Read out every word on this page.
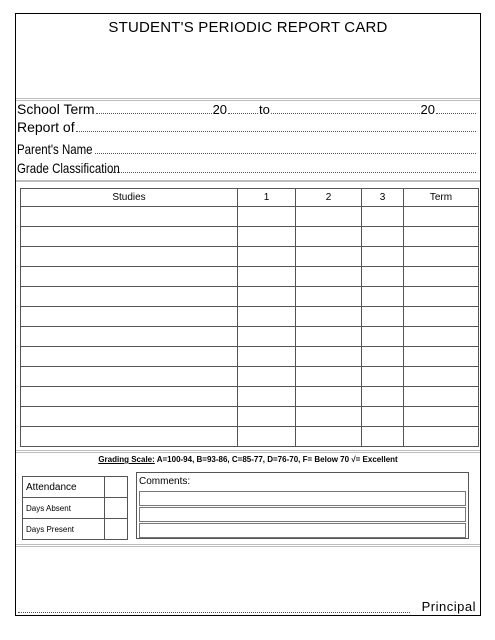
STUDENT'S PERIODIC REPORT CARD
School Term	20 to	20
Report of
Parent's Name
Grade Classification
Studies	1	2	3	Term

Grading Scale: A=100-94, B=93-86, C=85-77, D=76-70, F= Below 70 √= Excellent
Attendance	
Days Absent	
Days Present	
Comments:
Principal
